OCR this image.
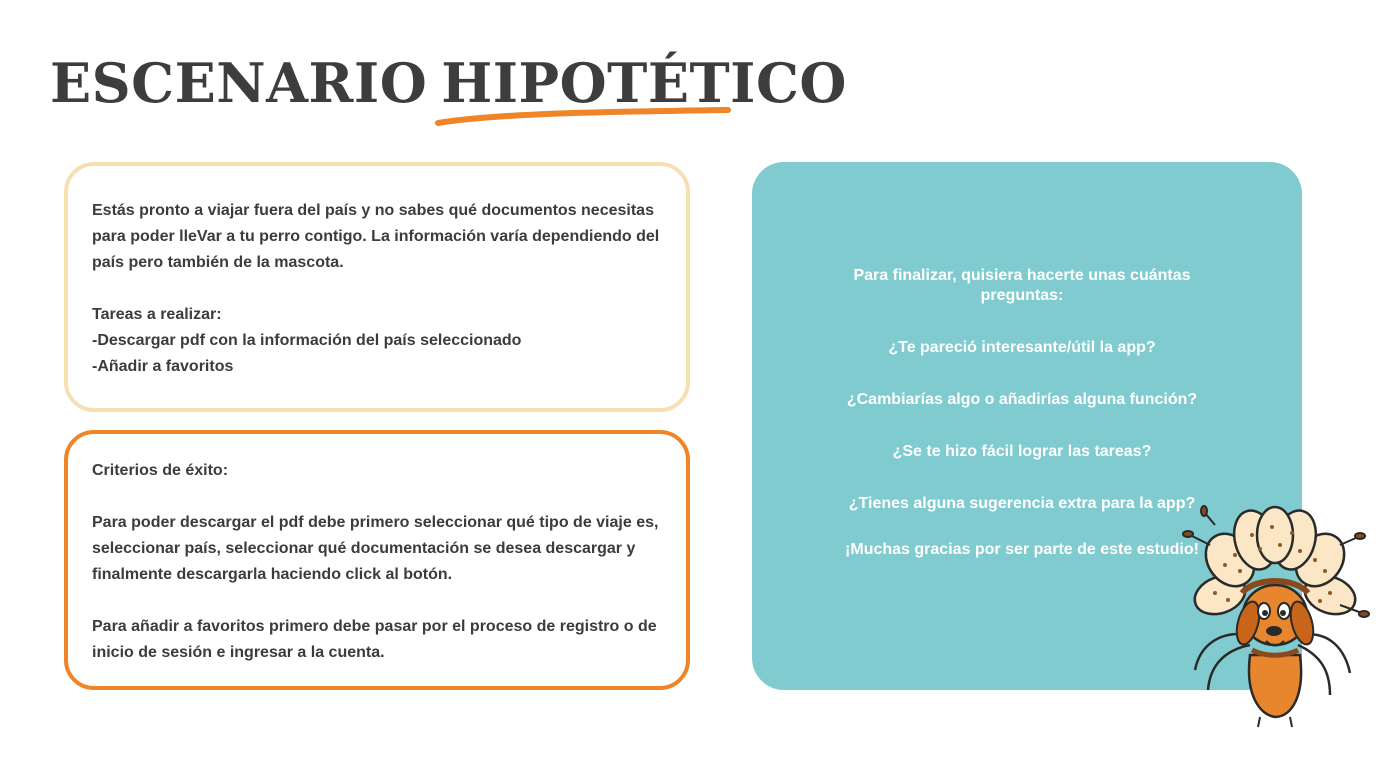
ESCENARIO HIPOTÉTICO

Estás pronto a viajar fuera del país y no sabes qué documentos necesitas para poder lleVar a tu perro contigo. La información varía dependiendo del país pero también de la mascota.

Tareas a realizar:

-Descargar pdf con la información del país seleccionado

-Añadir a favoritos

Criterios de éxito:

Para poder descargar el pdf debe primero seleccionar qué tipo de viaje es, seleccionar país, seleccionar qué documentación se desea descargar y finalmente descargarla haciendo click al botón.

Para añadir a favoritos primero debe pasar por el proceso de registro o de inicio de sesión e ingresar a la cuenta.

Para finalizar, quisiera hacerte unas cuántas preguntas:

¿Te pareció interesante/útil la app?

¿Cambiarías algo o añadirías alguna función?

¿Se te hizo fácil lograr las tareas?

¿Tienes alguna sugerencia extra para la app?

¡Muchas gracias por ser parte de este estudio!
